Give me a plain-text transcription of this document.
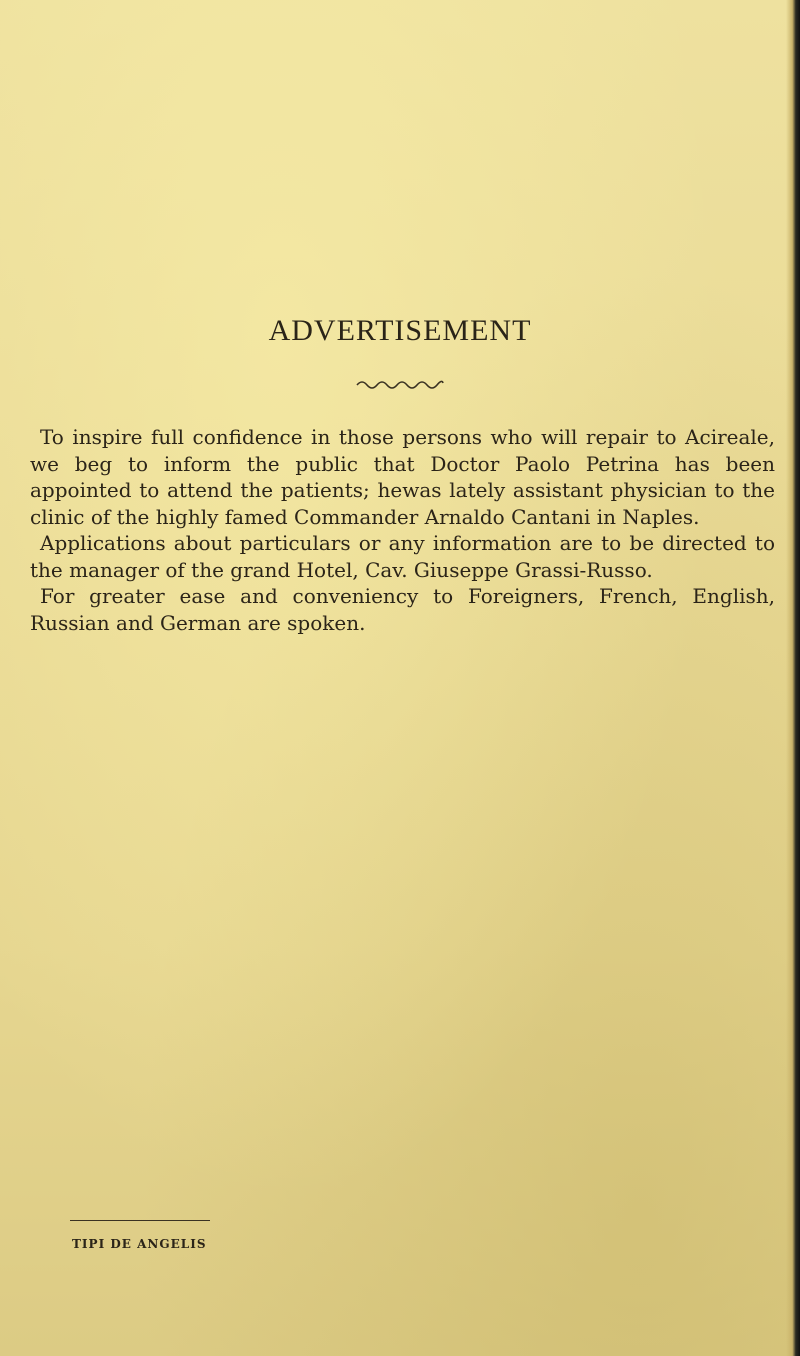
ADVERTISEMENT

To inspire full confidence in those persons who will repair to Acireale, we beg to inform the public that Doctor Paolo Petrina has been appointed to attend the patients; hewas lately assistant physician to the clinic of the highly famed Commander Arnaldo Cantani in Naples.

Applications about particulars or any information are to be directed to the manager of the grand Hotel, Cav. Giuseppe Grassi-Russo.

For greater ease and conveniency to Foreigners, French, English, Russian and German are spoken.

TIPI DE ANGELIS
